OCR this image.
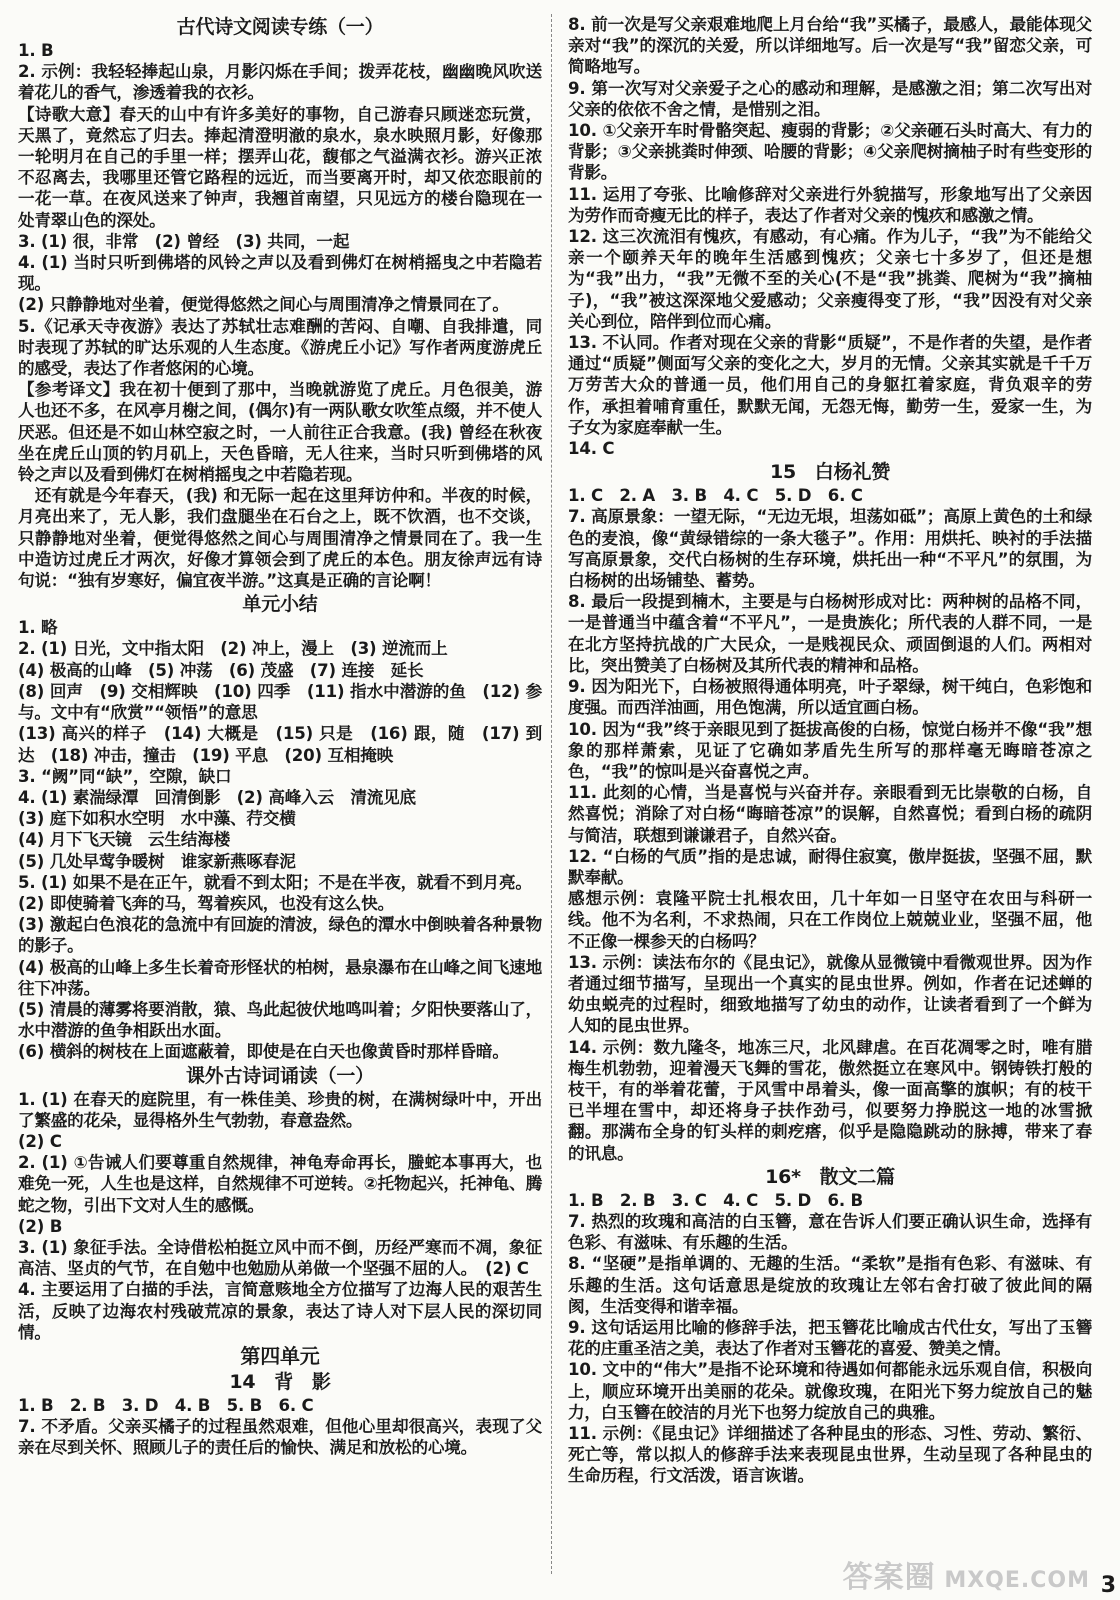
古代诗文阅读专练（一）
1. B
2. 示例：我轻轻捧起山泉，月影闪烁在手间；拨弄花枝，幽幽晚风吹送着花儿的香气，渗透着我的衣衫。
【诗歌大意】春天的山中有许多美好的事物，自己游春只顾迷恋玩赏，天黑了，竟然忘了归去。捧起清澄明澈的泉水，泉水映照月影，好像那一轮明月在自己的手里一样；摆弄山花，馥郁之气溢满衣衫。游兴正浓不忍离去，我哪里还管它路程的远近，而当要离开时，却又依恋眼前的一花一草。在夜风送来了钟声，我翘首南望，只见远方的楼台隐现在一处青翠山色的深处。
3. (1) 很，非常　(2) 曾经　(3) 共同，一起
4. (1) 当时只听到佛塔的风铃之声以及看到佛灯在树梢摇曳之中若隐若现。
(2) 只静静地对坐着，便觉得悠然之间心与周围清净之情景同在了。
5.《记承天寺夜游》表达了苏轼壮志难酬的苦闷、自嘲、自我排遣，同时表现了苏轼的旷达乐观的人生态度。《游虎丘小记》写作者两度游虎丘的感受，表达了作者悠闲的心境。
【参考译文】我在初十便到了那中，当晚就游览了虎丘。月色很美，游人也还不多，在风亭月榭之间，(偶尔)有一两队歌女吹笙点缀，并不使人厌恶。但还是不如山林空寂之时，一人前往正合我意。(我) 曾经在秋夜坐在虎丘山顶的钓月矶上，天色昏暗，无人往来，当时只听到佛塔的风铃之声以及看到佛灯在树梢摇曳之中若隐若现。
　还有就是今年春天，(我) 和无际一起在这里拜访仲和。半夜的时候，月亮出来了，无人影，我们盘腿坐在石台之上，既不饮酒，也不交谈，只静静地对坐着，便觉得悠然之间心与周围清净之情景同在了。我一生中造访过虎丘才两次，好像才算领会到了虎丘的本色。朋友徐声远有诗句说：“独有岁寒好，偏宜夜半游。”这真是正确的言论啊！
单元小结
1. 略
2. (1) 日光，文中指太阳　(2) 冲上，漫上　(3) 逆流而上
(4) 极高的山峰　(5) 冲荡　(6) 茂盛　(7) 连接　延长
(8) 回声　(9) 交相辉映　(10) 四季　(11) 指水中潜游的鱼　(12) 参与。文中有“欣赏”“领悟”的意思
(13) 高兴的样子　(14) 大概是　(15) 只是　(16) 跟，随　(17) 到达　(18) 冲击，撞击　(19) 平息　(20) 互相掩映
3. “阙”同“缺”，空隙，缺口
4. (1) 素湍绿潭　回清倒影　(2) 高峰入云　清流见底
(3) 庭下如积水空明　水中藻、荇交横
(4) 月下飞天镜　云生结海楼
(5) 几处早莺争暖树　谁家新燕啄春泥
5. (1) 如果不是在正午，就看不到太阳；不是在半夜，就看不到月亮。
(2) 即使骑着飞奔的马，驾着疾风，也没有这么快。
(3) 激起白色浪花的急流中有回旋的清波，绿色的潭水中倒映着各种景物的影子。
(4) 极高的山峰上多生长着奇形怪状的柏树，悬泉瀑布在山峰之间飞速地往下冲荡。
(5) 清晨的薄雾将要消散，猿、鸟此起彼伏地鸣叫着；夕阳快要落山了，水中潜游的鱼争相跃出水面。
(6) 横斜的树枝在上面遮蔽着，即使是在白天也像黄昏时那样昏暗。
课外古诗词诵读（一）
1. (1) 在春天的庭院里，有一株佳美、珍贵的树，在满树绿叶中，开出了繁盛的花朵，显得格外生气勃勃，春意盎然。
(2) C
2. (1) ①告诫人们要尊重自然规律，神龟寿命再长，螣蛇本事再大，也难免一死，人生也是这样，自然规律不可逆转。②托物起兴，托神龟、腾蛇之物，引出下文对人生的感慨。
(2) B
3. (1) 象征手法。全诗借松柏挺立风中而不倒，历经严寒而不凋，象征高洁、坚贞的气节，在自勉中也勉励从弟做一个坚强不屈的人。　(2) C
4. 主要运用了白描的手法，言简意赅地全方位描写了边海人民的艰苦生活，反映了边海农村残破荒凉的景象，表达了诗人对下层人民的深切同情。
第四单元
14　背　影
1. B　2. B　3. D　4. B　5. B　6. C
7. 不矛盾。父亲买橘子的过程虽然艰难，但他心里却很高兴，表现了父亲在尽到关怀、照顾儿子的责任后的愉快、满足和放松的心境。
8. 前一次是写父亲艰难地爬上月台给“我”买橘子，最感人，最能体现父亲对“我”的深沉的关爱，所以详细地写。后一次是写“我”留恋父亲，可简略地写。
9. 第一次写对父亲爱子之心的感动和理解，是感激之泪；第二次写出对父亲的依依不舍之情，是惜别之泪。
10. ①父亲开车时骨骼突起、瘦弱的背影；②父亲砸石头时高大、有力的背影；③父亲挑粪时伸颈、哈腰的背影；④父亲爬树摘柚子时有些变形的背影。
11. 运用了夸张、比喻修辞对父亲进行外貌描写，形象地写出了父亲因为劳作而奇瘦无比的样子，表达了作者对父亲的愧疚和感激之情。
12. 这三次流泪有愧疚，有感动，有心痛。作为儿子，“我”为不能给父亲一个颐养天年的晚年生活感到愧疚；父亲七十多岁了，但还是想为“我”出力，“我”无微不至的关心(不是“我”挑粪、爬树为“我”摘柚子)，“我”被这深深地父爱感动；父亲瘦得变了形，“我”因没有对父亲关心到位，陪伴到位而心痛。
13. 不认同。作者对现在父亲的背影“质疑”，不是作者的失望，是作者通过“质疑”侧面写父亲的变化之大，岁月的无情。父亲其实就是千千万万劳苦大众的普通一员，他们用自己的身躯扛着家庭，背负艰辛的劳作，承担着哺育重任，默默无闻，无怨无悔，勤劳一生，爱家一生，为子女为家庭奉献一生。
14. C
15　白杨礼赞
1. C　2. A　3. B　4. C　5. D　6. C
7. 高原景象：一望无际，“无边无垠，坦荡如砥”；高原上黄色的土和绿色的麦浪，像“黄绿错综的一条大毯子”。作用：用烘托、映衬的手法描写高原景象，交代白杨树的生存环境，烘托出一种“不平凡”的氛围，为白杨树的出场铺垫、蓄势。
8. 最后一段提到楠木，主要是与白杨树形成对比：两种树的品格不同，一是普通当中蕴含着“不平凡”，一是贵族化；所代表的人群不同，一是在北方坚持抗战的广大民众，一是贱视民众、顽固倒退的人们。两相对比，突出赞美了白杨树及其所代表的精神和品格。
9. 因为阳光下，白杨被照得通体明亮，叶子翠绿，树干纯白，色彩饱和度强。而西洋油画，用色饱满，所以适宜画白杨。
10. 因为“我”终于亲眼见到了挺拔高俊的白杨，惊觉白杨并不像“我”想象的那样萧索，见证了它确如茅盾先生所写的那样毫无晦暗苍凉之色，“我”的惊叫是兴奋喜悦之声。
11. 此刻的心情，当是喜悦与兴奋并存。亲眼看到无比崇敬的白杨，自然喜悦；消除了对白杨“晦暗苍凉”的误解，自然喜悦；看到白杨的疏阴与简洁，联想到谦谦君子，自然兴奋。
12. “白杨的气质”指的是忠诚，耐得住寂寞，傲岸挺拔，坚强不屈，默默奉献。
感想示例：袁隆平院士扎根农田，几十年如一日坚守在农田与科研一线。他不为名利，不求热闹，只在工作岗位上兢兢业业，坚强不屈，他不正像一棵参天的白杨吗？
13. 示例：读法布尔的《昆虫记》，就像从显微镜中看微观世界。因为作者通过细节描写，呈现出一个真实的昆虫世界。例如，作者在记述蝉的幼虫蜕壳的过程时，细致地描写了幼虫的动作，让读者看到了一个鲜为人知的昆虫世界。
14. 示例：数九隆冬，地冻三尺，北风肆虐。在百花凋零之时，唯有腊梅生机勃勃，迎着漫天飞舞的雪花，傲然挺立在寒风中。钢铸铁打般的枝干，有的举着花蕾，于风雪中昂着头，像一面高擎的旗帜；有的枝干已半埋在雪中，却还将身子扶作劲弓，似要努力挣脱这一地的冰雪掀翻。那满布全身的钉头样的刺疙瘩，似乎是隐隐跳动的脉搏，带来了春的讯息。
16*　散文二篇
1. B　2. B　3. C　4. C　5. D　6. B
7. 热烈的玫瑰和高洁的白玉簪，意在告诉人们要正确认识生命，选择有色彩、有滋味、有乐趣的生活。
8. “坚硬”是指单调的、无趣的生活。“柔软”是指有色彩、有滋味、有乐趣的生活。这句话意思是绽放的玫瑰让左邻右舍打破了彼此间的隔阂，生活变得和谐幸福。
9. 这句话运用比喻的修辞手法，把玉簪花比喻成古代仕女，写出了玉簪花的庄重圣洁之美，表达了作者对玉簪花的喜爱、赞美之情。
10. 文中的“伟大”是指不论环境和待遇如何都能永远乐观自信，积极向上，顺应环境开出美丽的花朵。就像玫瑰，在阳光下努力绽放自己的魅力，白玉簪在皎洁的月光下也努力绽放自己的典雅。
11. 示例：《昆虫记》详细描述了各种昆虫的形态、习性、劳动、繁衍、死亡等，常以拟人的修辞手法来表现昆虫世界，生动呈现了各种昆虫的生命历程，行文活泼，语言诙谐。
答案圈 MXQE.COM 3
